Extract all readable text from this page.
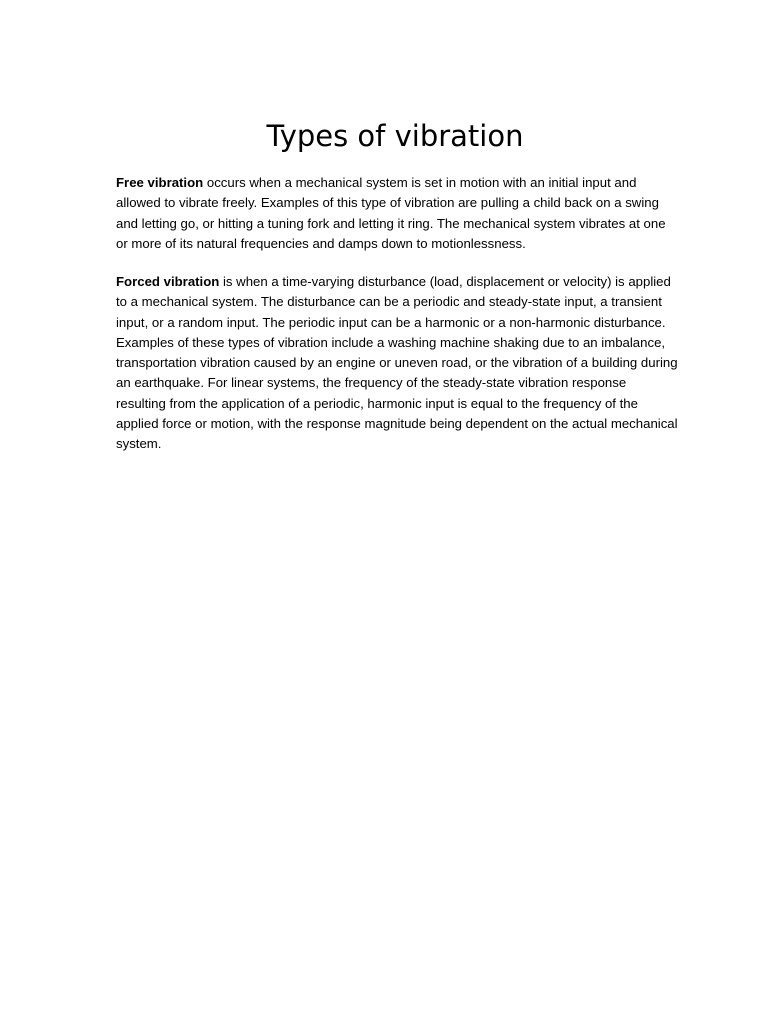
Types of vibration

Free vibration occurs when a mechanical system is set in motion with an initial input and allowed to vibrate freely. Examples of this type of vibration are pulling a child back on a swing and letting go, or hitting a tuning fork and letting it ring. The mechanical system vibrates at one or more of its natural frequencies and damps down to motionlessness.

Forced vibration is when a time-varying disturbance (load, displacement or velocity) is applied to a mechanical system. The disturbance can be a periodic and steady-state input, a transient input, or a random input. The periodic input can be a harmonic or a non-harmonic disturbance. Examples of these types of vibration include a washing machine shaking due to an imbalance, transportation vibration caused by an engine or uneven road, or the vibration of a building during an earthquake. For linear systems, the frequency of the steady-state vibration response resulting from the application of a periodic, harmonic input is equal to the frequency of the applied force or motion, with the response magnitude being dependent on the actual mechanical system.
